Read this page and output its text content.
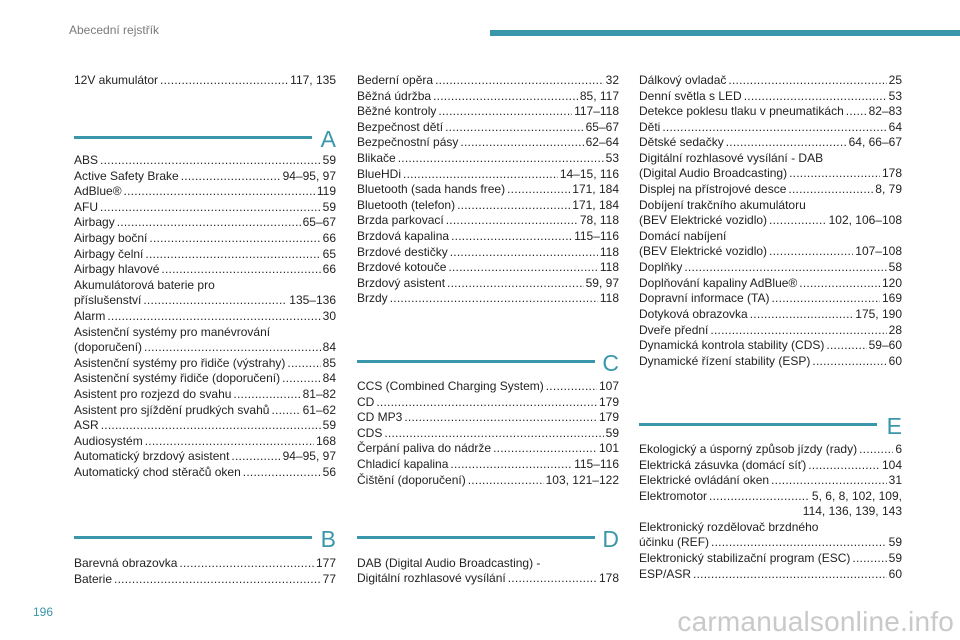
Abecední rejstřík
12V akumulátor . . .	117, 135
A
ABS . . .	59
Active Safety Brake . . .	94–95, 97
AdBlue® . . .	119
AFU . . .	59
Airbagy . . .	65–67
Airbagy boční . . .	66
Airbagy čelní . . .	65
Airbagy hlavové . . .	66
Akumulátorová baterie pro
příslušenství . . .	135–136
Alarm . . .	30
Asistenční systémy pro manévrování
(doporučení) . . .	84
Asistenční systémy pro řidiče (výstrahy) . . .	85
Asistenční systémy řidiče (doporučení) . . .	84
Asistent pro rozjezd do svahu . . .	81–82
Asistent pro sjíždění prudkých svahů . . .	61–62
ASR . . .	59
Audiosystém . . .	168
Automatický brzdový asistent . . .	94–95, 97
Automatický chod stěračů oken . . .	56
B
Barevná obrazovka . . .	177
Baterie . . .	77
Bederní opěra . . .	32
Běžná údržba . . .	85, 117
Běžné kontroly . . .	117–118
Bezpečnost dětí . . .	65–67
Bezpečnostní pásy . . .	62–64
Blikače . . .	53
BlueHDi . . .	14–15, 116
Bluetooth (sada hands free) . . .	171, 184
Bluetooth (telefon) . . .	171, 184
Brzda parkovací . . .	78, 118
Brzdová kapalina . . .	115–116
Brzdové destičky . . .	118
Brzdové kotouče . . .	118
Brzdový asistent . . .	59, 97
Brzdy . . .	118
C
CCS (Combined Charging System) . . .	107
CD . . .	179
CD MP3 . . .	179
CDS . . .	59
Čerpání paliva do nádrže . . .	101
Chladicí kapalina . . .	115–116
Čištění (doporučení) . . .	103, 121–122
D
DAB (Digital Audio Broadcasting) -
Digitální rozhlasové vysílání . . .	178
Dálkový ovladač . . .	25
Denní světla s LED . . .	53
Detekce poklesu tlaku v pneumatikách . . . 82–83
Děti . . .	64
Dětské sedačky . . .	64, 66–67
Digitální rozhlasové vysílání - DAB
(Digital Audio Broadcasting) . . .	178
Displej na přístrojové desce . . .	8, 79
Dobíjení trakčního akumulátoru
(BEV Elektrické vozidlo) . . .	102, 106–108
Domácí nabíjení
(BEV Elektrické vozidlo) . . .	107–108
Doplňky . . .	58
Doplňování kapaliny AdBlue® . . .	120
Dopravní informace (TA) . . .	169
Dotyková obrazovka . . .	175, 190
Dveře přední . . .	28
Dynamická kontrola stability (CDS) . . .	59–60
Dynamické řízení stability (ESP) . . .	60
E
Ekologický a úsporný způsob jízdy (rady) . . .	6
Elektrická zásuvka (domácí síť) . . .	104
Elektrické ovládání oken . . .	31
Elektromotor . . .	5, 6, 8, 102, 109,
114, 136, 139, 143
Elektronický rozdělovač brzdného
účinku (REF) . . .	59
Elektronický stabilizační program (ESC) . . .	59
ESP/ASR . . .	60
196	carmanualsonline.info
